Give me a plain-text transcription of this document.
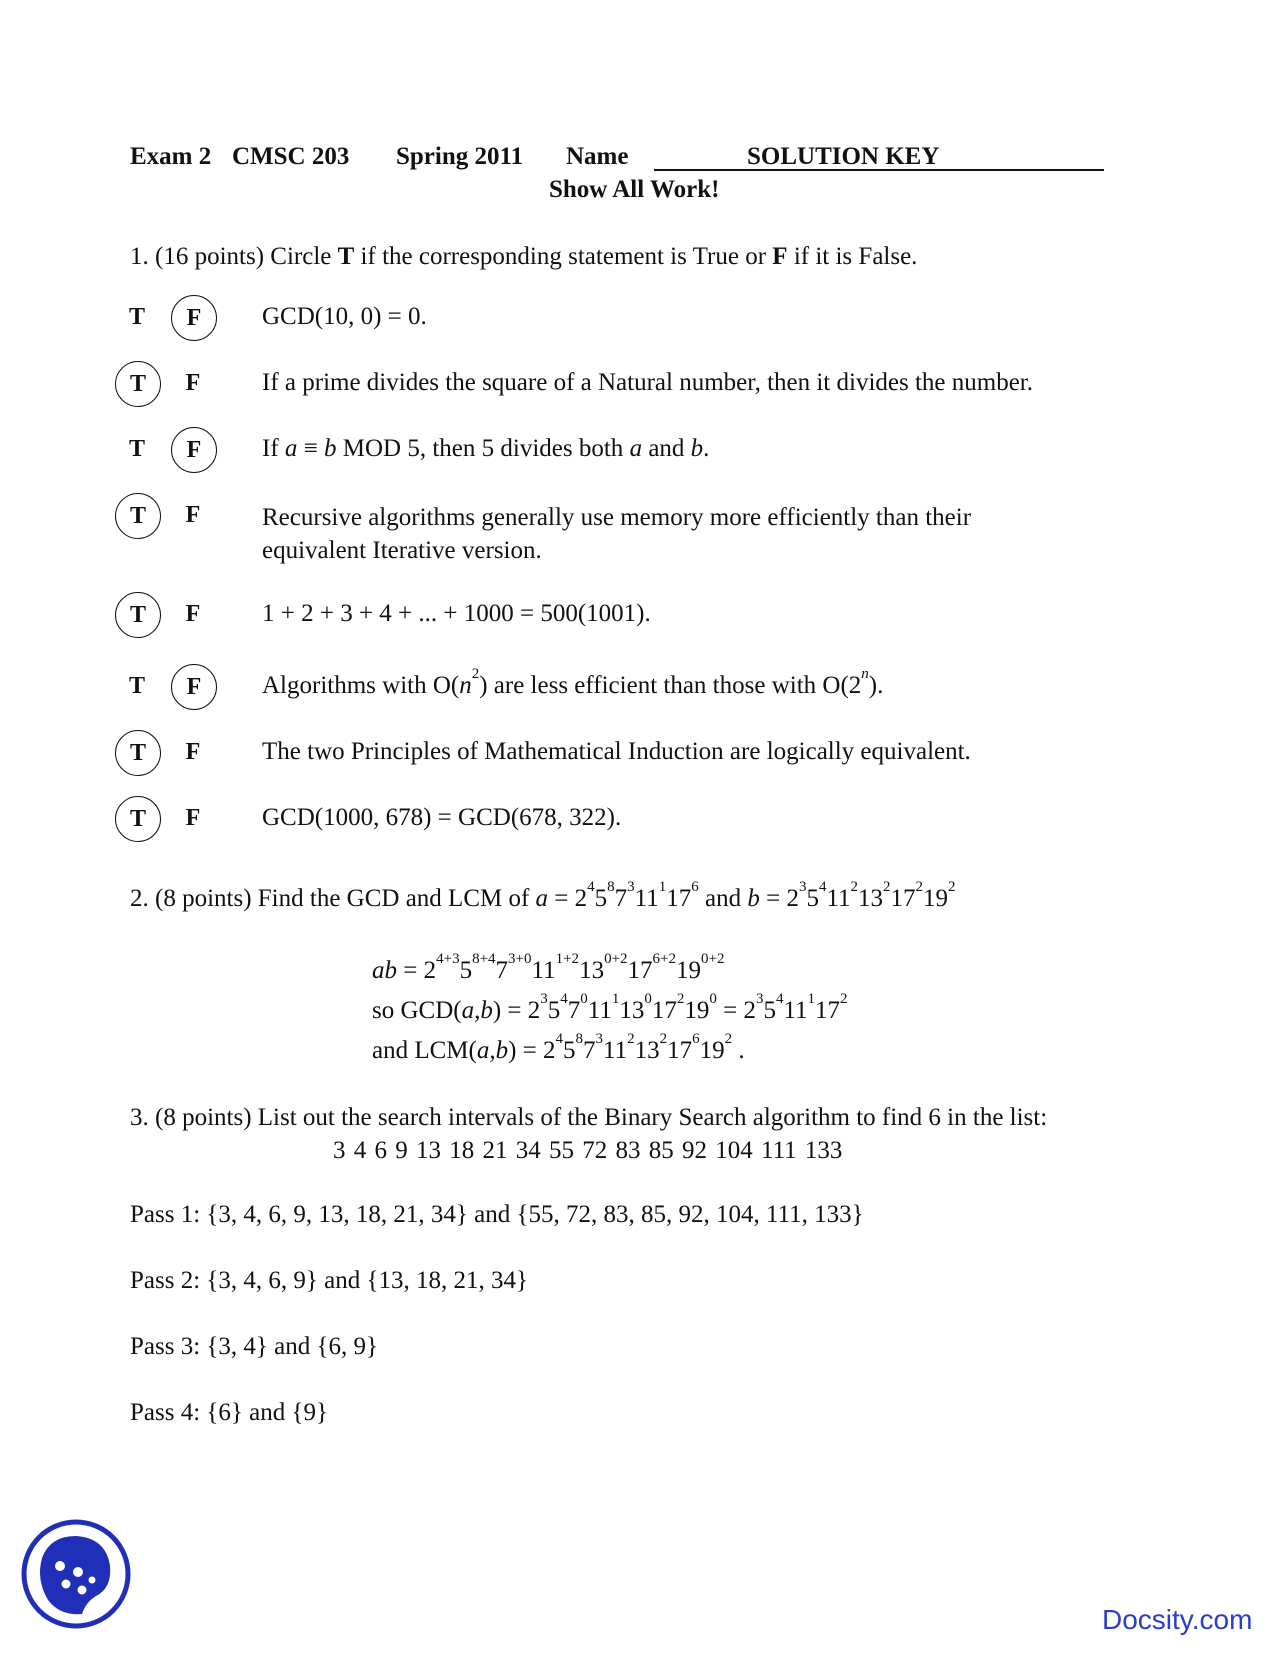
Exam 2 CMSC 203 Spring 2011 Name	SOLUTION KEY
Show All Work!
1. (16 points) Circle T if the corresponding statement is True or F if it is False.
T	F	GCD(10, 0) = 0.
T	F	If a prime divides the square of a Natural number, then it divides the number.
T	F	If a ≡ b MOD 5, then 5 divides both a and b.
T	F	Recursive algorithms generally use memory more efficiently than their
equivalent Iterative version.
T	F	1 + 2 + 3 + 4 + ... + 1000 = 500(1001).
T	F	Algorithms with $O(n^2)$ are less efficient than those with O(2$^n$).
T	F	The two Principles of Mathematical Induction are logically equivalent.
T	F	GCD(1000, 678) = GCD(678, 322).
2. (8 points) Find the GCD and LCM of $a = 2^45^87^311^117^6$ and $b = 2^35^411^213^217^219^2$
ab = $2^{4+3}5^{8+4}7^{3+0}11^{1+2}13^{0+2}17^{6+2}19^{0+2}$
so $GCD(a,b) = 2^35^47^011^113^017^219^0 = 2^35^411^117^2$
and $LCM(a,b) = 2^45^87^311^213^217^619^2$ .
3. (8 points) List out the search intervals of the Binary Search algorithm to find 6 in the list:
3 4 6 9 13 18 21 34 55 72 83 85 92 104 111 133
Pass 1: {3, 4, 6, 9, 13, 18, 21, 34} and {55, 72, 83, 85, 92, 104, 111, 133}
Pass 2: {3, 4, 6, 9} and {13, 18, 21, 34}
Pass 3: {3, 4} and {6, 9}
Pass 4: {6} and {9}
Docsity.com
